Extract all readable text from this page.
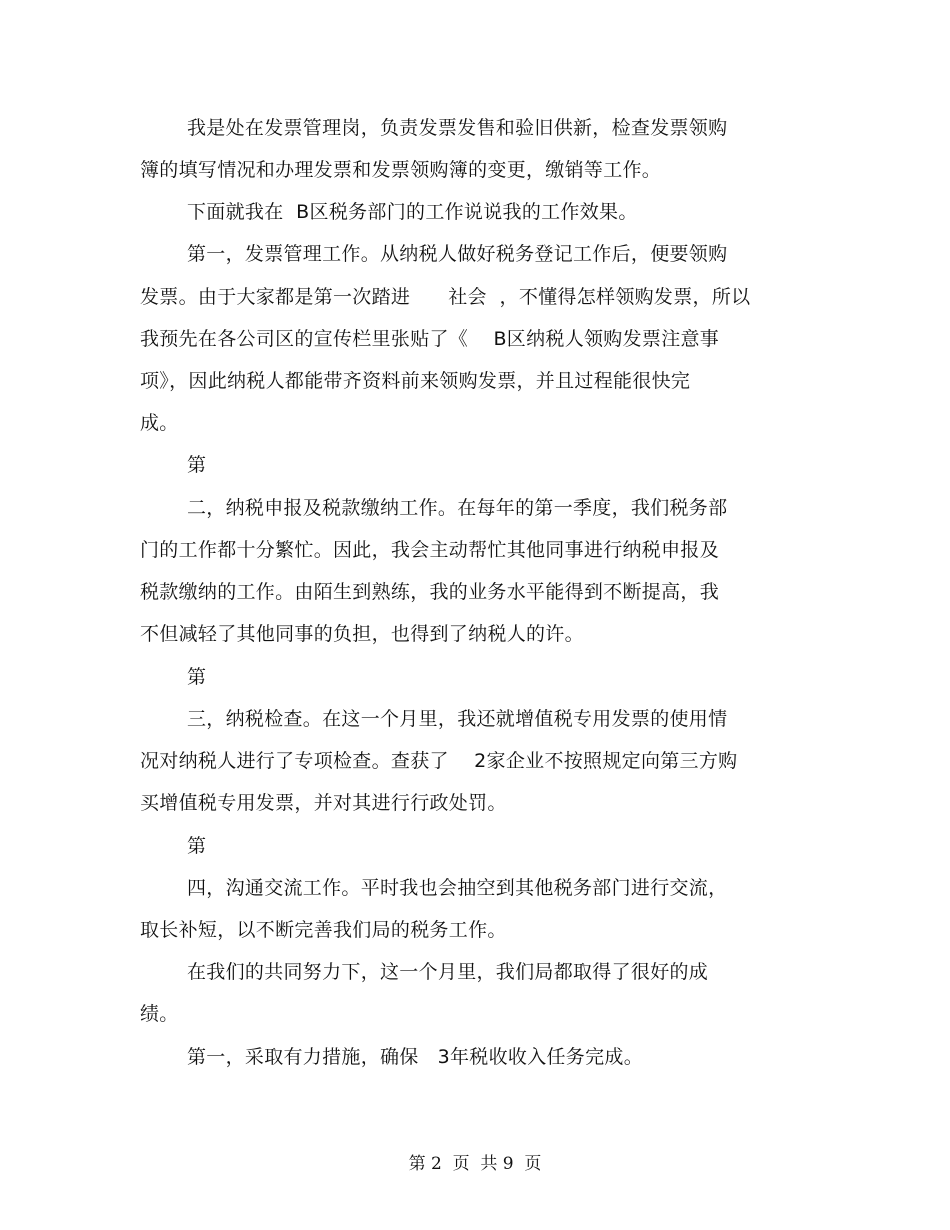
我是处在发票管理岗，负责发票发售和验旧供新，检查发票领购
簿的填写情况和办理发票和发票领购簿的变更，缴销等工作。
下面就我在  B区税务部门的工作说说我的工作效果。
第一，发票管理工作。从纳税人做好税务登记工作后，便要领购
发票。由于大家都是第一次踏进      社会  ，不懂得怎样领购发票，所以
我预先在各公司区的宣传栏里张贴了《    B区纳税人领购发票注意事
项》，因此纳税人都能带齐资料前来领购发票，并且过程能很快完
成。
第
二，纳税申报及税款缴纳工作。在每年的第一季度，我们税务部
门的工作都十分繁忙。因此，我会主动帮忙其他同事进行纳税申报及
税款缴纳的工作。由陌生到熟练，我的业务水平能得到不断提高，我
不但减轻了其他同事的负担，也得到了纳税人的许。
第
三，纳税检查。在这一个月里，我还就增值税专用发票的使用情
况对纳税人进行了专项检查。查获了    2家企业不按照规定向第三方购
买增值税专用发票，并对其进行行政处罚。
第
四，沟通交流工作。平时我也会抽空到其他税务部门进行交流，
取长补短，以不断完善我们局的税务工作。
在我们的共同努力下，这一个月里，我们局都取得了很好的成
绩。
第一，采取有力措施，确保   3年税收收入任务完成。
第 2  页  共 9  页
